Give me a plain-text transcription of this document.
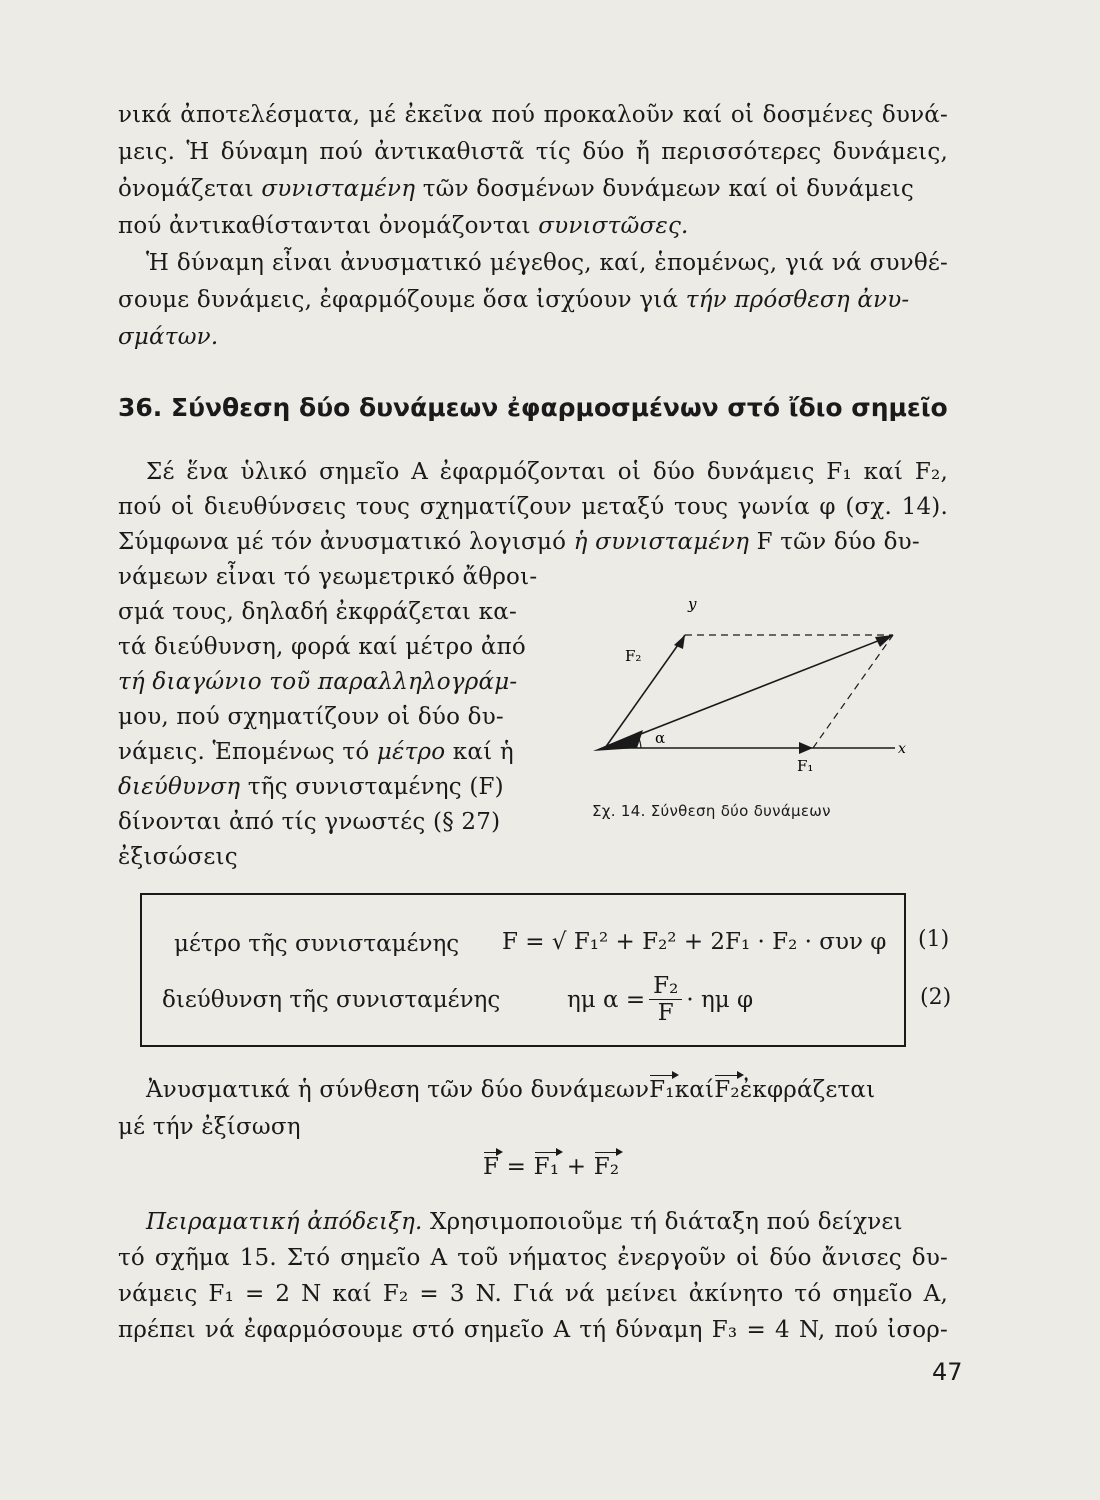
νικά ἀποτελέσματα, μέ ἐκεῖνα πού προκαλοῦν καί οἱ δοσμένες δυνά-
μεις. Ἡ δύναμη πού ἀντικαθιστᾶ τίς δύο ἤ περισσότερες δυνάμεις,
ὀνομάζεται συνισταμένη τῶν δοσμένων δυνάμεων καί οἱ δυνάμεις
πού ἀντικαθίστανται ὀνομάζονται συνιστῶσες.
Ἡ δύναμη εἶναι ἀνυσματικό μέγεθος, καί, ἑπομένως, γιά νά συνθέ-
σουμε δυνάμεις, ἐφαρμόζουμε ὅσα ἰσχύουν γιά τήν πρόσθεση ἀνυ-
σμάτων.
36. Σύνθεση δύο δυνάμεων ἐφαρμοσμένων στό ἴδιο σημεῖο
Σέ ἕνα ὑλικό σημεῖο Α ἐφαρμόζονται οἱ δύο δυνάμεις F₁ καί F₂,
πού οἱ διευθύνσεις τους σχηματίζουν μεταξύ τους γωνία φ (σχ. 14).
Σύμφωνα μέ τόν ἀνυσματικό λογισμό ἡ συνισταμένη F τῶν δύο δυ-
νάμεων εἶναι τό γεωμετρικό ἄθροι-
σμά τους, δηλαδή ἐκφράζεται κα-
τά διεύθυνση, φορά καί μέτρο ἀπό
τή διαγώνιο τοῦ παραλληλογράμ-
μου, πού σχηματίζουν οἱ δύο δυ-
νάμεις. Ἑπομένως τό μέτρο καί ἡ
διεύθυνση τῆς συνισταμένης (F)
δίνονται ἀπό τίς γνωστές (§ 27)
ἐξισώσεις
y
x
F₂
F₁
α
Σχ. 14. Σύνθεση δύο δυνάμεων
μέτρο τῆς συνισταμένης F = √ F₁² + F₂² + 2F₁ · F₂ · συν φ (1)
διεύθυνση τῆς συνισταμένης	ημ $\alpha = \frac{\text{F₂}}{F} \cdot \eta\mu$ φ	(2)
Ἀνυσματικά ἡ σύνθεση τῶν δύο δυνάμεων F₁ καί F₂ ἐκφράζεται
μέ τήν ἐξίσωση
F = F₁ + F₂
Πειραματική ἀπόδειξη. Χρησιμοποιοῦμε τή διάταξη πού δείχνει
τό σχῆμα 15. Στό σημεῖο Α τοῦ νήματος ἐνεργοῦν οἱ δύο ἄνισες δυ-
νάμεις F₁ = 2 N καί F₂ = 3 N. Γιά νά μείνει ἀκίνητο τό σημεῖο Α,
πρέπει νά ἐφαρμόσουμε στό σημεῖο Α τή δύναμη F₃ = 4 N, πού ἰσορ-
47
